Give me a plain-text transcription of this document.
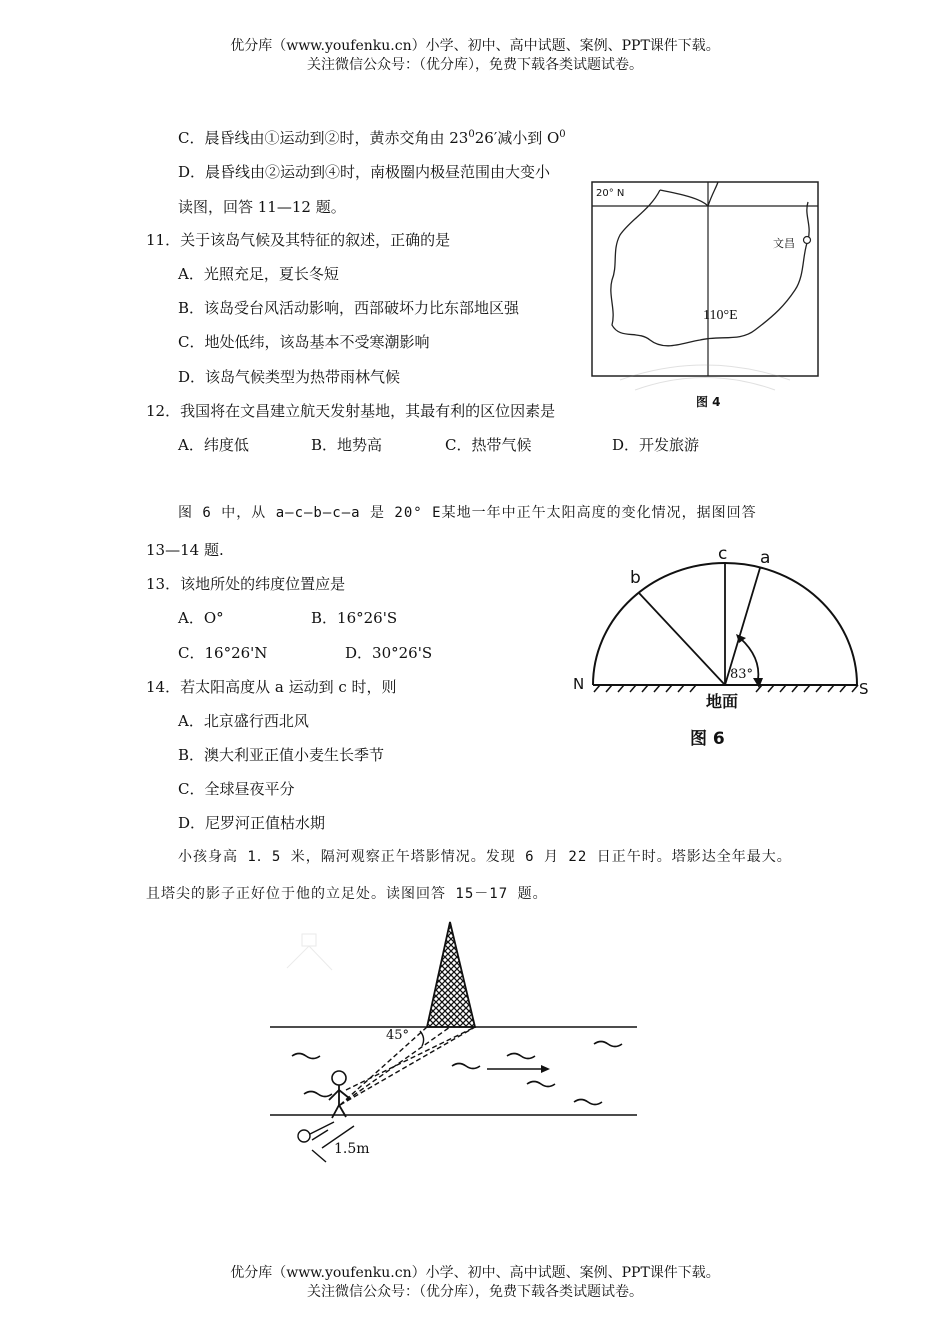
优分库（www.youfenku.cn）小学、初中、高中试题、案例、PPT课件下载。
关注微信公众号：（优分库），免费下载各类试题试卷。
C．晨昏线由①运动到②时，黄赤交角由 $23^026'$减小到 $O^0$
D．晨昏线由②运动到④时，南极圈内极昼范围由大变小
读图，回答 11—12 题。
11．关于该岛气候及其特征的叙述，正确的是
A．光照充足，夏长冬短
B．该岛受台风活动影响，西部破坏力比东部地区强
C．地处低纬，该岛基本不受寒潮影响
D．该岛气候类型为热带雨林气候
12．我国将在文昌建立航天发射基地，其最有利的区位因素是
A．纬度低	B．地势高	C．热带气候	D．开发旅游
20° N
文昌
110°E
图 4
图 6 中，从 a—c—b—c—a 是 20° E某地一年中正午太阳高度的变化情况，据图回答
13—14 题.
13．该地所处的纬度位置应是
A．O°	B．16°26'S
C．16°26'N	D．30°26'S
14．若太阳高度从 a 运动到 c 时，则
A．北京盛行西北风
B．澳大利亚正值小麦生长季节
C．全球昼夜平分
D．尼罗河正值枯水期
c a
b
N	S
83°
地面
图 6
小孩身高 1．5 米，隔河观察正午塔影情况。发现 6 月 22 日正午时。塔影达全年最大。
且塔尖的影子正好位于他的立足处。读图回答 15－17 题。
45°
1.5m
优分库（www.youfenku.cn）小学、初中、高中试题、案例、PPT课件下载。
关注微信公众号：（优分库），免费下载各类试题试卷。
